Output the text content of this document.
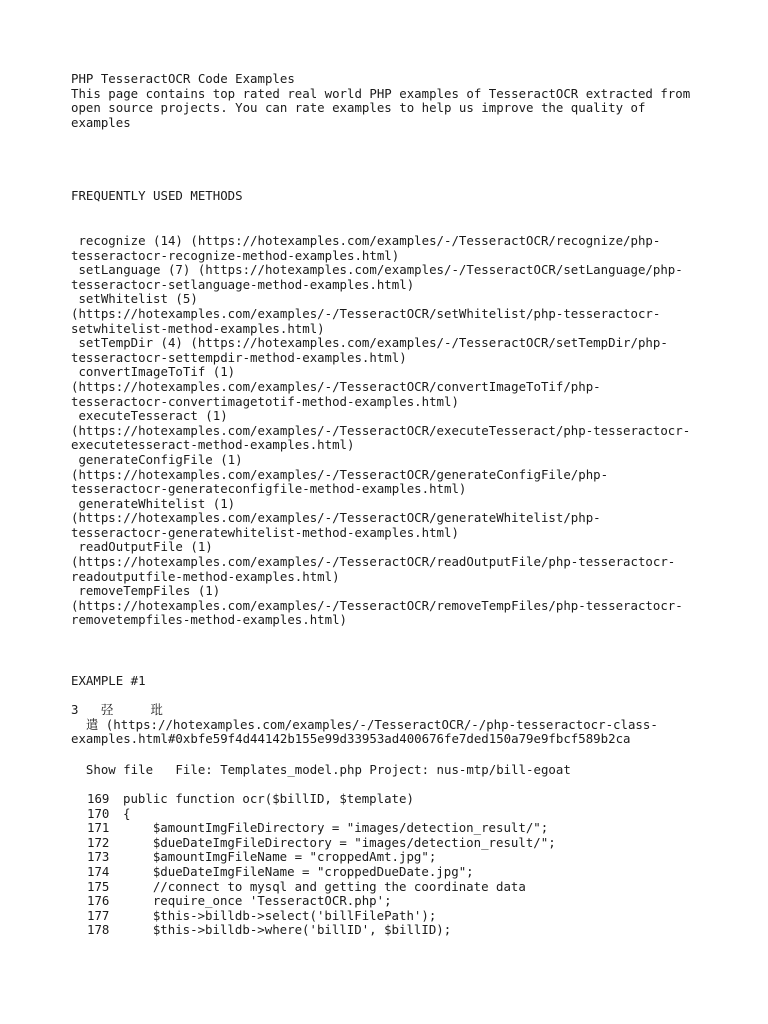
PHP TesseractOCR Code Examples
This page contains top rated real world PHP examples of TesseractOCR extracted from
open source projects. You can rate examples to help us improve the quality of
examples
FREQUENTLY USED METHODS
recognize (14) (https://hotexamples.com/examples/-/TesseractOCR/recognize/php-
tesseractocr-recognize-method-examples.html)
setLanguage (7) (https://hotexamples.com/examples/-/TesseractOCR/setLanguage/php-
tesseractocr-setlanguage-method-examples.html)
setWhitelist (5)
(https://hotexamples.com/examples/-/TesseractOCR/setWhitelist/php-tesseractocr-
setwhitelist-method-examples.html)
setTempDir (4) (https://hotexamples.com/examples/-/TesseractOCR/setTempDir/php-
tesseractocr-settempdir-method-examples.html)
convertImageToTif (1)
(https://hotexamples.com/examples/-/TesseractOCR/convertImageToTif/php-
tesseractocr-convertimagetotif-method-examples.html)
executeTesseract (1)
(https://hotexamples.com/examples/-/TesseractOCR/executeTesseract/php-tesseractocr-
executetesseract-method-examples.html)
generateConfigFile (1)
(https://hotexamples.com/examples/-/TesseractOCR/generateConfigFile/php-
tesseractocr-generateconfigfile-method-examples.html)
generateWhitelist (1)
(https://hotexamples.com/examples/-/TesseractOCR/generateWhitelist/php-
tesseractocr-generatewhitelist-method-examples.html)
readOutputFile (1)
(https://hotexamples.com/examples/-/TesseractOCR/readOutputFile/php-tesseractocr-
readoutputfile-method-examples.html)
removeTempFiles (1)
(https://hotexamples.com/examples/-/TesseractOCR/removeTempFiles/php-tesseractocr-
removetempfiles-method-examples.html)
EXAMPLE #1
3   弪     玭
遣 (https://hotexamples.com/examples/-/TesseractOCR/-/php-tesseractocr-class-
examples.html#0xbfe59f4d44142b155e99d33953ad400676fe7ded150a79e9fbcf589b2ca
Show file   File: Templates_model.php Project: nus-mtp/bill-egoat
169 public function ocr($billID, $template)
170 {
171    $amountImgFileDirectory = "images/detection_result/";
172    $dueDateImgFileDirectory = "images/detection_result/";
173    $amountImgFileName = "croppedAmt.jpg";
174    $dueDateImgFileName = "croppedDueDate.jpg";
175    //connect to mysql and getting the coordinate data
176    require_once 'TesseractOCR.php';
177    $this->billdb->select('billFilePath');
178    $this->billdb->where('billID', $billID);
